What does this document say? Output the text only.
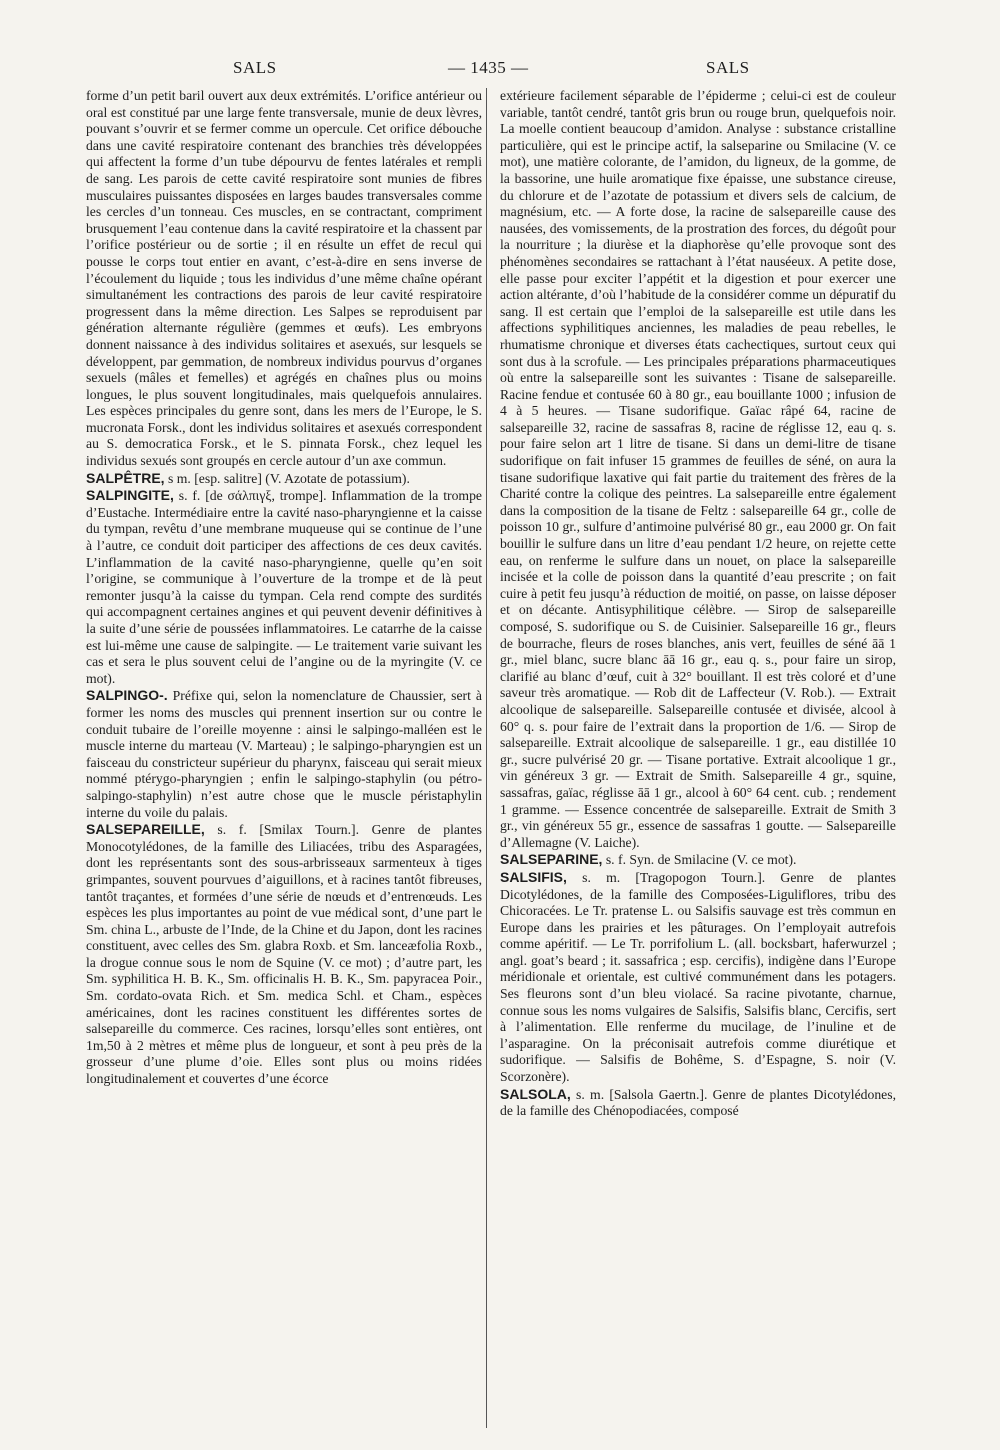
SALS	— 1435 —	SALS

forme d’un petit baril ouvert aux deux extrémités. L’orifice antérieur ou oral est constitué par une large fente transversale, munie de deux lèvres, pouvant s’ouvrir et se fermer comme un opercule. Cet orifice débouche dans une cavité respiratoire contenant des branchies très développées qui affectent la forme d’un tube dépourvu de fentes latérales et rempli de sang. Les parois de cette cavité respiratoire sont munies de fibres musculaires puissantes disposées en larges baudes transversales comme les cercles d’un tonneau. Ces muscles, en se contractant, compriment brusquement l’eau contenue dans la cavité respiratoire et la chassent par l’orifice postérieur ou de sortie ; il en résulte un effet de recul qui pousse le corps tout entier en avant, c’est-à-dire en sens inverse de l’écoulement du liquide ; tous les individus d’une même chaîne opérant simultanément les contractions des parois de leur cavité respiratoire progressent dans la même direction. Les Salpes se reproduisent par génération alternante régulière (gemmes et œufs). Les embryons donnent naissance à des individus solitaires et asexués, sur lesquels se développent, par gemmation, de nombreux individus pourvus d’organes sexuels (mâles et femelles) et agrégés en chaînes plus ou moins longues, le plus souvent longitudinales, mais quelquefois annulaires. Les espèces principales du genre sont, dans les mers de l’Europe, le S. mucronata Forsk., dont les individus solitaires et asexués correspondent au S. democratica Forsk., et le S. pinnata Forsk., chez lequel les individus sexués sont groupés en cercle autour d’un axe commun.

SALPÊTRE, s m. [esp. salitre] (V. Azotate de potassium).

SALPINGITE, s. f. [de σάλπιγξ, trompe]. Inflammation de la trompe d’Eustache. Intermédiaire entre la cavité naso-pharyngienne et la caisse du tympan, revêtu d’une membrane muqueuse qui se continue de l’une à l’autre, ce conduit doit participer des affections de ces deux cavités. L’inflammation de la cavité naso-pharyngienne, quelle qu’en soit l’origine, se communique à l’ouverture de la trompe et de là peut remonter jusqu’à la caisse du tympan. Cela rend compte des surdités qui accompagnent certaines angines et qui peuvent devenir définitives à la suite d’une série de poussées inflammatoires. Le catarrhe de la caisse est lui-même une cause de salpingite. — Le traitement varie suivant les cas et sera le plus souvent celui de l’angine ou de la myringite (V. ce mot).

SALPINGO-. Préfixe qui, selon la nomenclature de Chaussier, sert à former les noms des muscles qui prennent insertion sur ou contre le conduit tubaire de l’oreille moyenne : ainsi le salpingo-malléen est le muscle interne du marteau (V. Marteau) ; le salpingo-pharyngien est un faisceau du constricteur supérieur du pharynx, faisceau qui serait mieux nommé ptérygo-pharyngien ; enfin le salpingo-staphylin (ou pétro-salpingo-staphylin) n’est autre chose que le muscle péristaphylin interne du voile du palais.

SALSEPAREILLE, s. f. [Smilax Tourn.]. Genre de plantes Monocotylédones, de la famille des Liliacées, tribu des Asparagées, dont les représentants sont des sous-arbrisseaux sarmenteux à tiges grimpantes, souvent pourvues d’aiguillons, et à racines tantôt fibreuses, tantôt traçantes, et formées d’une série de nœuds et d’entrenœuds. Les espèces les plus importantes au point de vue médical sont, d’une part le Sm. china L., arbuste de l’Inde, de la Chine et du Japon, dont les racines constituent, avec celles des Sm. glabra Roxb. et Sm. lanceæfolia Roxb., la drogue connue sous le nom de Squine (V. ce mot) ; d’autre part, les Sm. syphilitica H. B. K., Sm. officinalis H. B. K., Sm. papyracea Poir., Sm. cordato-ovata Rich. et Sm. medica Schl. et Cham., espèces américaines, dont les racines constituent les différentes sortes de salsepareille du commerce. Ces racines, lorsqu’elles sont entières, ont 1m,50 à 2 mètres et même plus de longueur, et sont à peu près de la grosseur d’une plume d’oie. Elles sont plus ou moins ridées longitudinalement et couvertes d’une écorce

extérieure facilement séparable de l’épiderme ; celui-ci est de couleur variable, tantôt cendré, tantôt gris brun ou rouge brun, quelquefois noir. La moelle contient beaucoup d’amidon. Analyse : substance cristalline particulière, qui est le principe actif, la salseparine ou Smilacine (V. ce mot), une matière colorante, de l’amidon, du ligneux, de la gomme, de la bassorine, une huile aromatique fixe épaisse, une substance cireuse, du chlorure et de l’azotate de potassium et divers sels de calcium, de magnésium, etc. — A forte dose, la racine de salsepareille cause des nausées, des vomissements, de la prostration des forces, du dégoût pour la nourriture ; la diurèse et la diaphorèse qu’elle provoque sont des phénomènes secondaires se rattachant à l’état nauséeux. A petite dose, elle passe pour exciter l’appétit et la digestion et pour exercer une action altérante, d’où l’habitude de la considérer comme un dépuratif du sang. Il est certain que l’emploi de la salsepareille est utile dans les affections syphilitiques anciennes, les maladies de peau rebelles, le rhumatisme chronique et diverses états cachectiques, surtout ceux qui sont dus à la scrofule. — Les principales préparations pharmaceutiques où entre la salsepareille sont les suivantes : Tisane de salsepareille. Racine fendue et contusée 60 à 80 gr., eau bouillante 1000 ; infusion de 4 à 5 heures. — Tisane sudorifique. Gaïac râpé 64, racine de salsepareille 32, racine de sassafras 8, racine de réglisse 12, eau q. s. pour faire selon art 1 litre de tisane. Si dans un demi-litre de tisane sudorifique on fait infuser 15 grammes de feuilles de séné, on aura la tisane sudorifique laxative qui fait partie du traitement des frères de la Charité contre la colique des peintres. La salsepareille entre également dans la composition de la tisane de Feltz : salsepareille 64 gr., colle de poisson 10 gr., sulfure d’antimoine pulvérisé 80 gr., eau 2000 gr. On fait bouillir le sulfure dans un litre d’eau pendant 1/2 heure, on rejette cette eau, on renferme le sulfure dans un nouet, on place la salsepareille incisée et la colle de poisson dans la quantité d’eau prescrite ; on fait cuire à petit feu jusqu’à réduction de moitié, on passe, on laisse déposer et on décante. Antisyphilitique célèbre. — Sirop de salsepareille composé, S. sudorifique ou S. de Cuisinier. Salsepareille 16 gr., fleurs de bourrache, fleurs de roses blanches, anis vert, feuilles de séné āā 1 gr., miel blanc, sucre blanc āā 16 gr., eau q. s., pour faire un sirop, clarifié au blanc d’œuf, cuit à 32° bouillant. Il est très coloré et d’une saveur très aromatique. — Rob dit de Laffecteur (V. Rob.). — Extrait alcoolique de salsepareille. Salsepareille contusée et divisée, alcool à 60° q. s. pour faire de l’extrait dans la proportion de 1/6. — Sirop de salsepareille. Extrait alcoolique de salsepareille. 1 gr., eau distillée 10 gr., sucre pulvérisé 20 gr. — Tisane portative. Extrait alcoolique 1 gr., vin généreux 3 gr. — Extrait de Smith. Salsepareille 4 gr., squine, sassafras, gaïac, réglisse āā 1 gr., alcool à 60° 64 cent. cub. ; rendement 1 gramme. — Essence concentrée de salsepareille. Extrait de Smith 3 gr., vin généreux 55 gr., essence de sassafras 1 goutte. — Salsepareille d’Allemagne (V. Laiche).

SALSEPARINE, s. f. Syn. de Smilacine (V. ce mot).

SALSIFIS, s. m. [Tragopogon Tourn.]. Genre de plantes Dicotylédones, de la famille des Composées-Liguliflores, tribu des Chicoracées. Le Tr. pratense L. ou Salsifis sauvage est très commun en Europe dans les prairies et les pâturages. On l’employait autrefois comme apéritif. — Le Tr. porrifolium L. (all. bocksbart, haferwurzel ; angl. goat’s beard ; it. sassafrica ; esp. cercifis), indigène dans l’Europe méridionale et orientale, est cultivé communément dans les potagers. Ses fleurons sont d’un bleu violacé. Sa racine pivotante, charnue, connue sous les noms vulgaires de Salsifis, Salsifis blanc, Cercifis, sert à l’alimentation. Elle renferme du mucilage, de l’inuline et de l’asparagine. On la préconisait autrefois comme diurétique et sudorifique. — Salsifis de Bohême, S. d’Espagne, S. noir (V. Scorzonère).

SALSOLA, s. m. [Salsola Gaertn.]. Genre de plantes Dicotylédones, de la famille des Chénopodiacées, composé
